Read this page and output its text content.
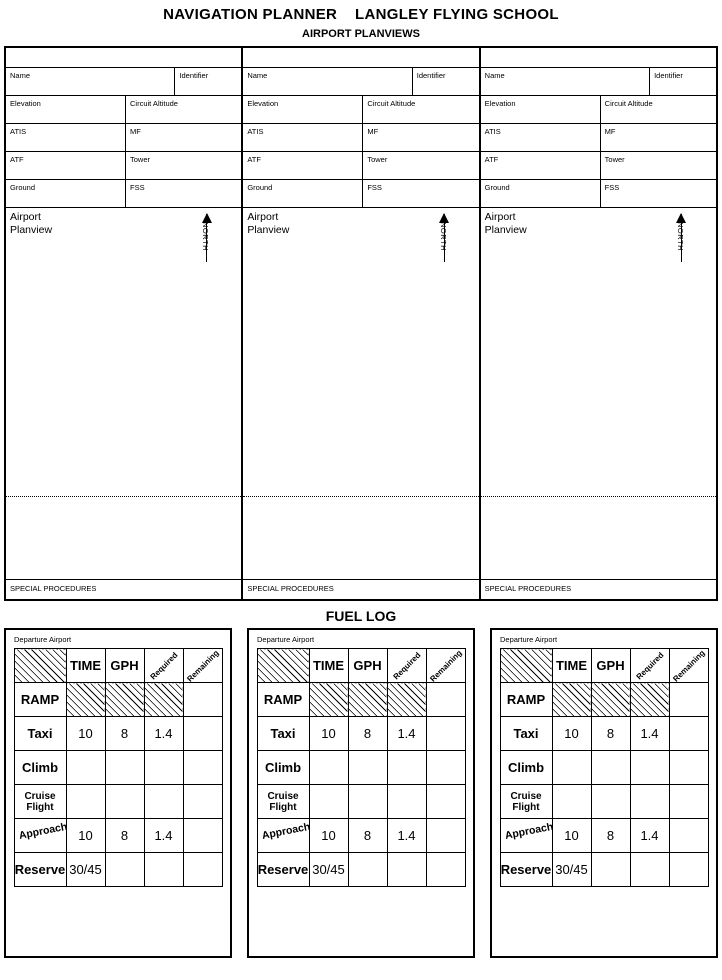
NAVIGATION PLANNER    LANGLEY FLYING SCHOOL
AIRPORT PLANVIEWS
Name	Identifier
Elevation	Circuit Altitude
ATIS	MF
ATF	Tower
Ground	FSS
Airport
Planview	NORTH
SPECIAL PROCEDURES
Name	Identifier
Elevation	Circuit Altitude
ATIS	MF
ATF	Tower
Ground	FSS
Airport
Planview	NORTH
SPECIAL PROCEDURES
Name	Identifier
Elevation	Circuit Altitude
ATIS	MF
ATF	Tower
Ground	FSS
Airport
Planview	NORTH
SPECIAL PROCEDURES
FUEL LOG
Departure Airport
	TIME	GPH	Required	Remaining

RAMP				
Taxi	10	8	1.4	
Climb				

Cruise
Flight				

Approach	10	8	1.4	
Reserve	30/45			
Departure Airport
	TIME	GPH	Required	Remaining

RAMP				
Taxi	10	8	1.4	
Climb				

Cruise
Flight				

Approach	10	8	1.4	
Reserve	30/45			
Departure Airport
	TIME	GPH	Required	Remaining

RAMP				
Taxi	10	8	1.4	
Climb				

Cruise
Flight				

Approach	10	8	1.4	
Reserve	30/45			
